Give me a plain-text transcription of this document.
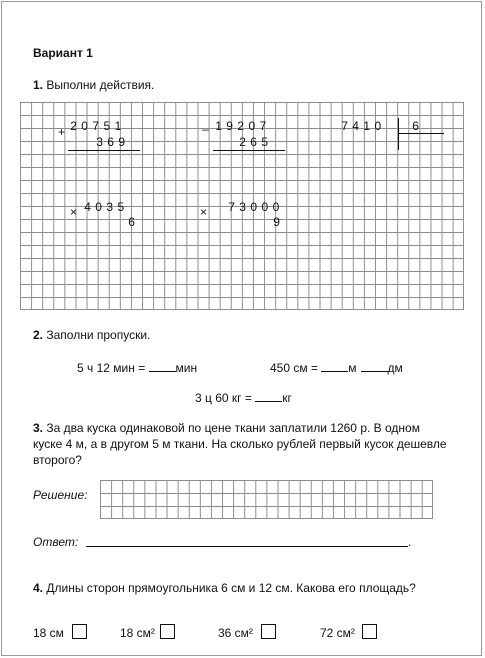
Вариант 1
1. Выполни действия.
+ 2 0 7 5 1
3 6 9
– 1 9 2 0 7
2 6 5
7 4 1 0	6
× 4 0 3 5
6
× 7 3 0 0 0
9
2. Заполни пропуски.
5 ч 12 мин = мин	450 см = м	дм
3 ц 60 кг = кг
3. За два куска одинаковой по цене ткани заплатили 1260 р. В одном
куске 4 м, а в другом 5 м ткани. На сколько рублей первый кусок дешевле
второго?
Решение:
Ответ:	.
4. Длины сторон прямоугольника 6 см и 12 см. Какова его площадь?
18 см	18 см²	36 см²	72 см²
